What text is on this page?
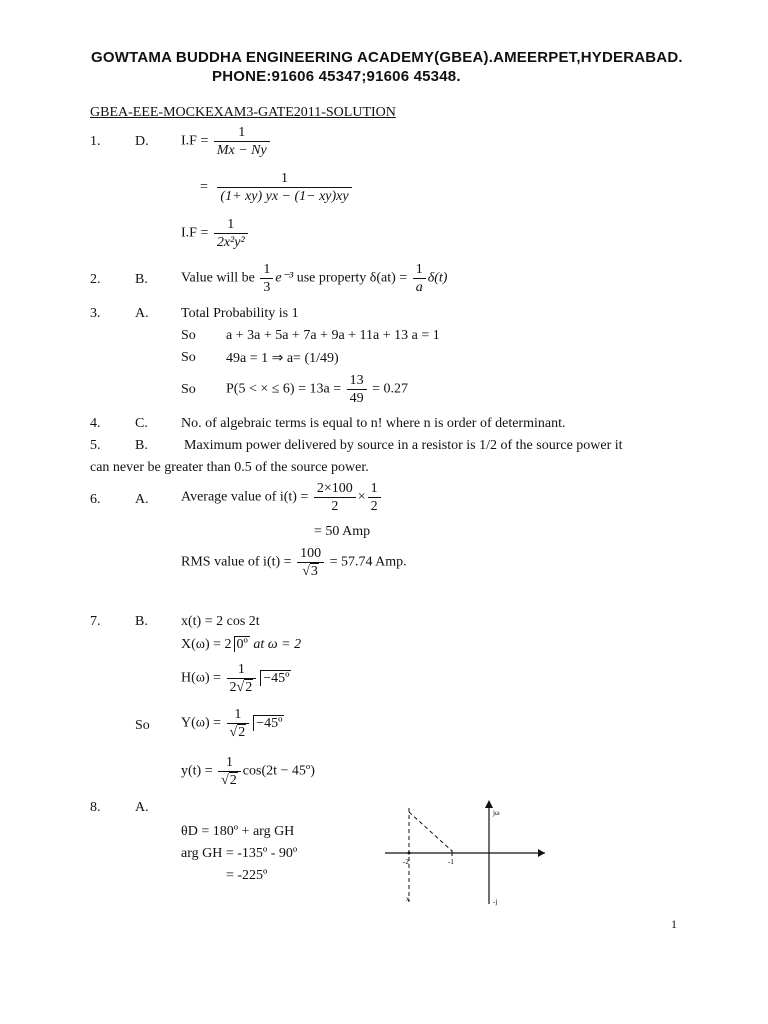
GOWTAMA BUDDHA ENGINEERING ACADEMY(GBEA).AMEERPET,HYDERABAD.
PHONE:91606 45347;91606 45348.
GBEA-EEE-MOCKEXAM3-GATE2011-SOLUTION
1. D. $I.F = \frac{1}{Mx - Ny}$
= $\frac{1}{(1+ xy) yx - (1- xy)xy}$
$I.F = \frac{1}{\text{2x²y²}}$
2. B. Value will be $\frac{1}{3} e^{-3}$ use property $\delta(at) = \frac{1}{a} \delta(t)$
3. A. Total Probability is 1
So a + 3a + 5a + 7a + 9a + 11a + 13 a = 1
So 49a = 1 ⇒ a= (1/49)
So P(5 < × ≤ $6) = 13a = \frac{13}{49} = 0.27$
4. C. No. of algebraic terms is equal to n! where n is order of determinant.
5. B.	Maximum power delivered by source in a resistor is 1/2 of the source power it
can never be greater than 0.5 of the source power.
6. A. Average value of $i(t) = \frac{2\times 100}{2} \times \frac{1}{2}$
= 50 Amp
RMS value of $i(t) = \frac{100}{√3} = 57.74$ Amp.
7. B. x(t) = 2 cos 2t
X(ω) = 2 0º at ω = 2
$H(\omega) = \frac{1}{2√2}$ −45º
So $Y(\omega) = \frac{1}{√2}$ −45º
$y(t) = \frac{1}{√2} \cos(2t$ − 45º)
8. A.
θD = 180º + arg GH
arg GH = -135º - 90º
= -225º
-2	-1
jω
-j
x
1
